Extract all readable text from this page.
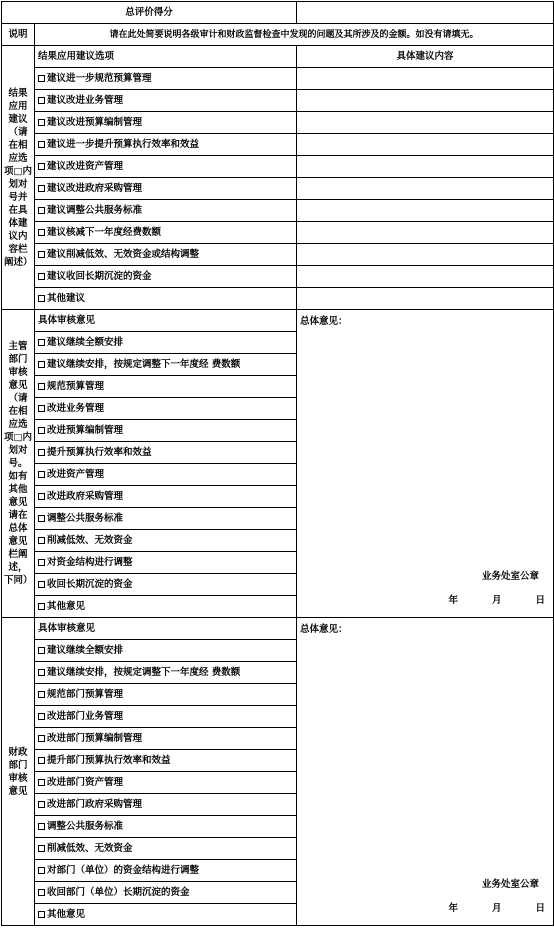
总评价得分		
说明	请在此处简要说明各级审计和财政监督检查中发现的问题及其所涉及的金额。如没有请填无。	
结果应用建议（请在相应选项□内划对号并在具体建议内容栏阐述）	结果应用建议选项	具体建议内容
	建议进一步规范预算管理	
	建议改进业务管理	
	建议改进预算编制管理	
	建议进一步提升预算执行效率和效益	
	建议改进资产管理	
	建议改进政府采购管理	
	建议调整公共服务标准	
	建议核减下一年度经费数额	
	建议削减低效、无效资金或结构调整	
	建议收回长期沉淀的资金	
	其他建议	
主管部门审核意见（请在相应选项□内划对号。如有其他意见请在总体意见栏阐述，下同）	具体审核意见	总体意见：
业务处室公章
年 月 日

	建议继续全额安排	
	建议继续安排，按规定调整下一年度经 费数额	
	规范预算管理	
	改进业务管理	
	改进预算编制管理	
	提升预算执行效率和效益	
	改进资产管理	
	改进政府采购管理	
	调整公共服务标准	
	削减低效、无效资金	
	对资金结构进行调整	
	收回长期沉淀的资金	
	其他意见	
财政部门审核意见	具体审核意见	总体意见：
业务处室公章
年 月 日

	建议继续全额安排	
	建议继续安排，按规定调整下一年度经 费数额	
	规范部门预算管理	
	改进部门业务管理	
	改进部门预算编制管理	
	提升部门预算执行效率和效益	
	改进部门资产管理	
	改进部门政府采购管理	
	调整公共服务标准	
	削减低效、无效资金	
	对部门（单位）的资金结构进行调整	
	收回部门（单位）长期沉淀的资金	
	其他意见	
